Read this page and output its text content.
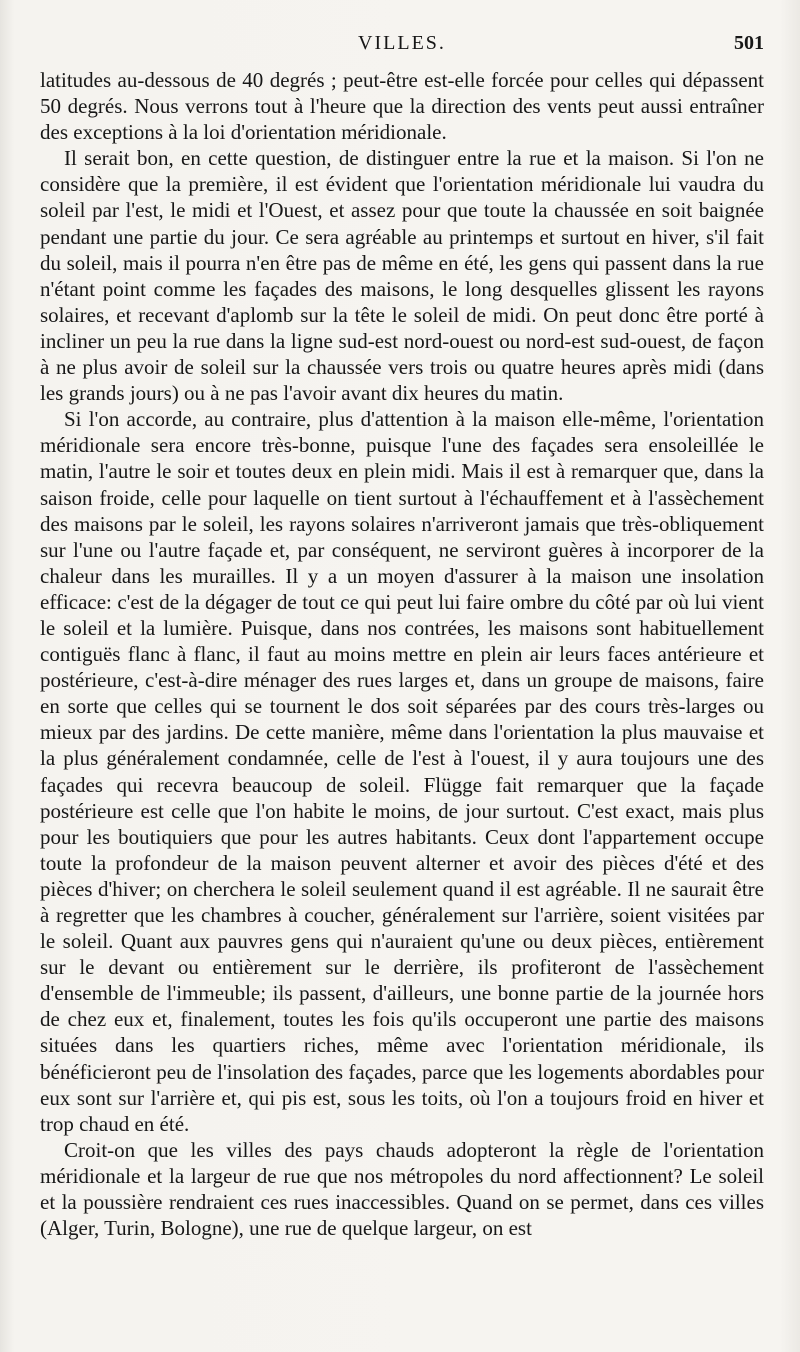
VILLES.	501

latitudes au-dessous de 40 degrés ; peut-être est-elle forcée pour celles qui dépassent 50 degrés. Nous verrons tout à l'heure que la direction des vents peut aussi entraîner des exceptions à la loi d'orientation méridionale.

Il serait bon, en cette question, de distinguer entre la rue et la maison. Si l'on ne considère que la première, il est évident que l'orientation méridionale lui vaudra du soleil par l'est, le midi et l'Ouest, et assez pour que toute la chaussée en soit baignée pendant une partie du jour. Ce sera agréable au printemps et surtout en hiver, s'il fait du soleil, mais il pourra n'en être pas de même en été, les gens qui passent dans la rue n'étant point comme les façades des maisons, le long desquelles glissent les rayons solaires, et recevant d'aplomb sur la tête le soleil de midi. On peut donc être porté à incliner un peu la rue dans la ligne sud-est nord-ouest ou nord-est sud-ouest, de façon à ne plus avoir de soleil sur la chaussée vers trois ou quatre heures après midi (dans les grands jours) ou à ne pas l'avoir avant dix heures du matin.

Si l'on accorde, au contraire, plus d'attention à la maison elle-même, l'orientation méridionale sera encore très-bonne, puisque l'une des façades sera ensoleillée le matin, l'autre le soir et toutes deux en plein midi. Mais il est à remarquer que, dans la saison froide, celle pour laquelle on tient surtout à l'échauffement et à l'assèchement des maisons par le soleil, les rayons solaires n'arriveront jamais que très-obliquement sur l'une ou l'autre façade et, par conséquent, ne serviront guères à incorporer de la chaleur dans les murailles. Il y a un moyen d'assurer à la maison une insolation efficace: c'est de la dégager de tout ce qui peut lui faire ombre du côté par où lui vient le soleil et la lumière. Puisque, dans nos contrées, les maisons sont habituellement contiguës flanc à flanc, il faut au moins mettre en plein air leurs faces antérieure et postérieure, c'est-à-dire ménager des rues larges et, dans un groupe de maisons, faire en sorte que celles qui se tournent le dos soit séparées par des cours très-larges ou mieux par des jardins. De cette manière, même dans l'orientation la plus mauvaise et la plus généralement condamnée, celle de l'est à l'ouest, il y aura toujours une des façades qui recevra beaucoup de soleil. Flügge fait remarquer que la façade postérieure est celle que l'on habite le moins, de jour surtout. C'est exact, mais plus pour les boutiquiers que pour les autres habitants. Ceux dont l'appartement occupe toute la profondeur de la maison peuvent alterner et avoir des pièces d'été et des pièces d'hiver; on cherchera le soleil seulement quand il est agréable. Il ne saurait être à regretter que les chambres à coucher, généralement sur l'arrière, soient visitées par le soleil. Quant aux pauvres gens qui n'auraient qu'une ou deux pièces, entièrement sur le devant ou entièrement sur le derrière, ils profiteront de l'assèchement d'ensemble de l'immeuble; ils passent, d'ailleurs, une bonne partie de la journée hors de chez eux et, finalement, toutes les fois qu'ils occuperont une partie des maisons situées dans les quartiers riches, même avec l'orientation méridionale, ils bénéficieront peu de l'insolation des façades, parce que les logements abordables pour eux sont sur l'arrière et, qui pis est, sous les toits, où l'on a toujours froid en hiver et trop chaud en été.

Croit-on que les villes des pays chauds adopteront la règle de l'orientation méridionale et la largeur de rue que nos métropoles du nord affectionnent? Le soleil et la poussière rendraient ces rues inaccessibles. Quand on se permet, dans ces villes (Alger, Turin, Bologne), une rue de quelque largeur, on est
